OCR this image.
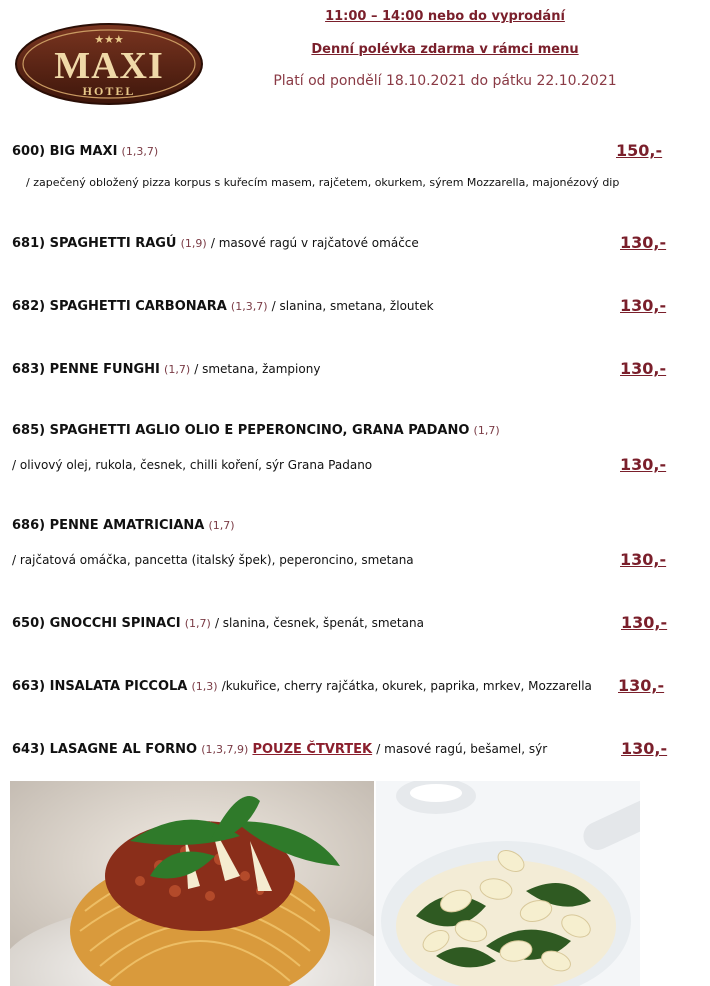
★★★
MAXI
HOTEL
11:00 – 14:00 nebo do vyprodání
Denní polévka zdarma v rámci menu
Platí od pondělí 18.10.2021 do pátku 22.10.2021
600) BIG MAXI (1,3,7)	150,-
/ zapečený obložený pizza korpus s kuřecím masem, rajčetem, okurkem, sýrem Mozzarella, majonézový dip
681) SPAGHETTI RAGÚ (1,9) / masové ragú v rajčatové omáčce	130,-
682) SPAGHETTI CARBONARA (1,3,7) / slanina, smetana, žloutek	130,-
683) PENNE FUNGHI (1,7) / smetana, žampiony	130,-
685) SPAGHETTI AGLIO OLIO E PEPERONCINO, GRANA PADANO (1,7)
/ olivový olej, rukola, česnek, chilli koření, sýr Grana Padano	130,-
686) PENNE AMATRICIANA (1,7)
/ rajčatová omáčka, pancetta (italský špek), peperoncino, smetana	130,-
650) GNOCCHI SPINACI (1,7) / slanina, česnek, špenát, smetana	130,-
663) INSALATA PICCOLA (1,3) /kukuřice, cherry rajčátka, okurek, paprika, mrkev, Mozzarella 130,-
643) LASAGNE AL FORNO (1,3,7,9) POUZE ČTVRTEK / masové ragú, bešamel, sýr	130,-
